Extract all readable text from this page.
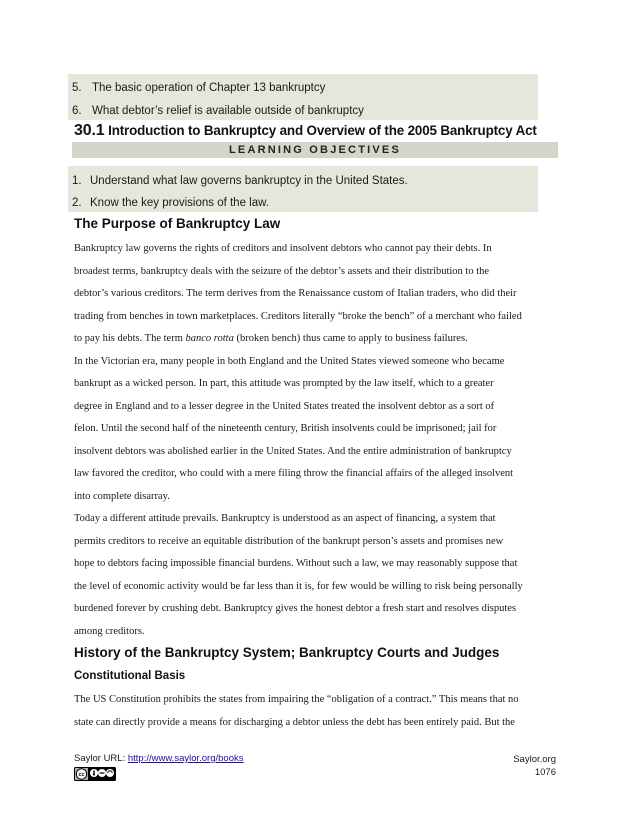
5. The basic operation of Chapter 13 bankruptcy
6. What debtor’s relief is available outside of bankruptcy
30.1 Introduction to Bankruptcy and Overview of the 2005 Bankruptcy Act
LEARNING OBJECTIVES
1. Understand what law governs bankruptcy in the United States.
2. Know the key provisions of the law.
The Purpose of Bankruptcy Law
Bankruptcy law governs the rights of creditors and insolvent debtors who cannot pay their debts. In
broadest terms, bankruptcy deals with the seizure of the debtor’s assets and their distribution to the
debtor’s various creditors. The term derives from the Renaissance custom of Italian traders, who did their
trading from benches in town marketplaces. Creditors literally “broke the bench” of a merchant who failed
to pay his debts. The term banco rotta (broken bench) thus came to apply to business failures.
In the Victorian era, many people in both England and the United States viewed someone who became
bankrupt as a wicked person. In part, this attitude was prompted by the law itself, which to a greater
degree in England and to a lesser degree in the United States treated the insolvent debtor as a sort of
felon. Until the second half of the nineteenth century, British insolvents could be imprisoned; jail for
insolvent debtors was abolished earlier in the United States. And the entire administration of bankruptcy
law favored the creditor, who could with a mere filing throw the financial affairs of the alleged insolvent
into complete disarray.
Today a different attitude prevails. Bankruptcy is understood as an aspect of financing, a system that
permits creditors to receive an equitable distribution of the bankrupt person’s assets and promises new
hope to debtors facing impossible financial burdens. Without such a law, we may reasonably suppose that
the level of economic activity would be far less than it is, for few would be willing to risk being personally
burdened forever by crushing debt. Bankruptcy gives the honest debtor a fresh start and resolves disputes
among creditors.
History of the Bankruptcy System; Bankruptcy Courts and Judges
Constitutional Basis
The US Constitution prohibits the states from impairing the “obligation of a contract.” This means that no
state can directly provide a means for discharging a debtor unless the debt has been entirely paid. But the
Saylor URL: http://www.saylor.org/books
cc
Saylor.org
1076
